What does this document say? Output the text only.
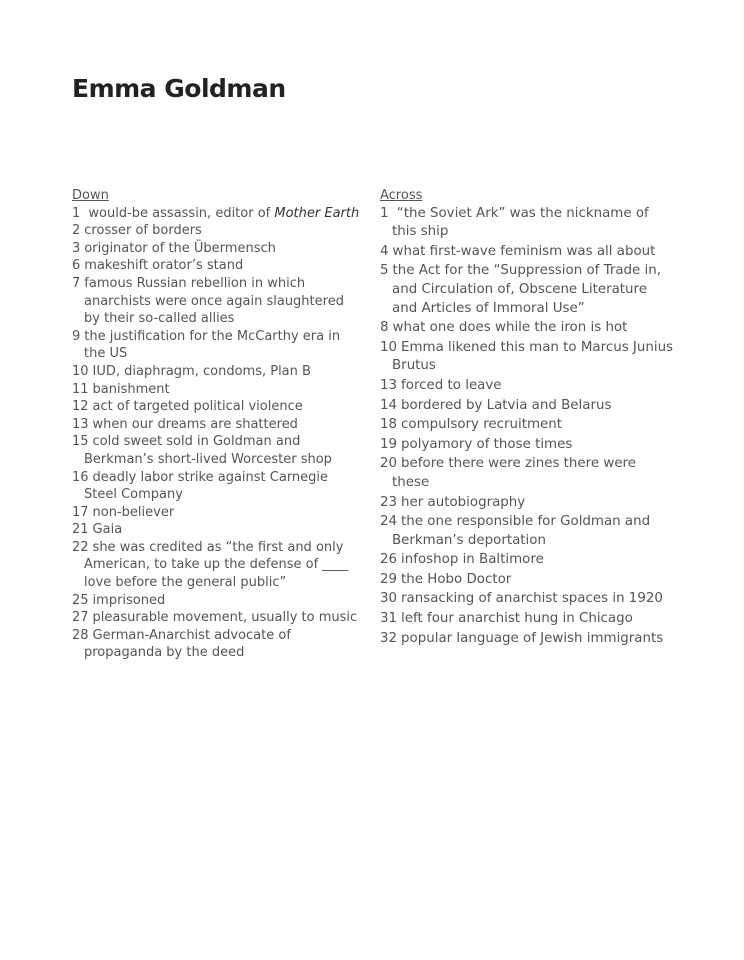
Emma Goldman
Down

1 would-be assassin, editor of Mother Earth

2 crosser of borders

3 originator of the Übermensch

6 makeshift orator’s stand

7 famous Russian rebellion in which anarchists were once again slaughtered by their so-called allies

9 the justification for the McCarthy era in the US

10 IUD, diaphragm, condoms, Plan B

11 banishment

12 act of targeted political violence

13 when our dreams are shattered

15 cold sweet sold in Goldman and Berkman’s short-lived Worcester shop

16 deadly labor strike against Carnegie Steel Company

17 non-believer

21 Gaia

22 she was credited as “the first and only American, to take up the defense of ____ love before the general public”

25 imprisoned

27 pleasurable movement, usually to music

28 German-Anarchist advocate of propaganda by the deed

Across

1 “the Soviet Ark” was the nickname of this ship

4 what first-wave feminism was all about

5 the Act for the “Suppression of Trade in, and Circulation of, Obscene Literature and Articles of Immoral Use”

8 what one does while the iron is hot

10 Emma likened this man to Marcus Junius Brutus

13 forced to leave

14 bordered by Latvia and Belarus

18 compulsory recruitment

19 polyamory of those times

20 before there were zines there were these

23 her autobiography

24 the one responsible for Goldman and Berkman’s deportation

26 infoshop in Baltimore

29 the Hobo Doctor

30 ransacking of anarchist spaces in 1920

31 left four anarchist hung in Chicago

32 popular language of Jewish immigrants
